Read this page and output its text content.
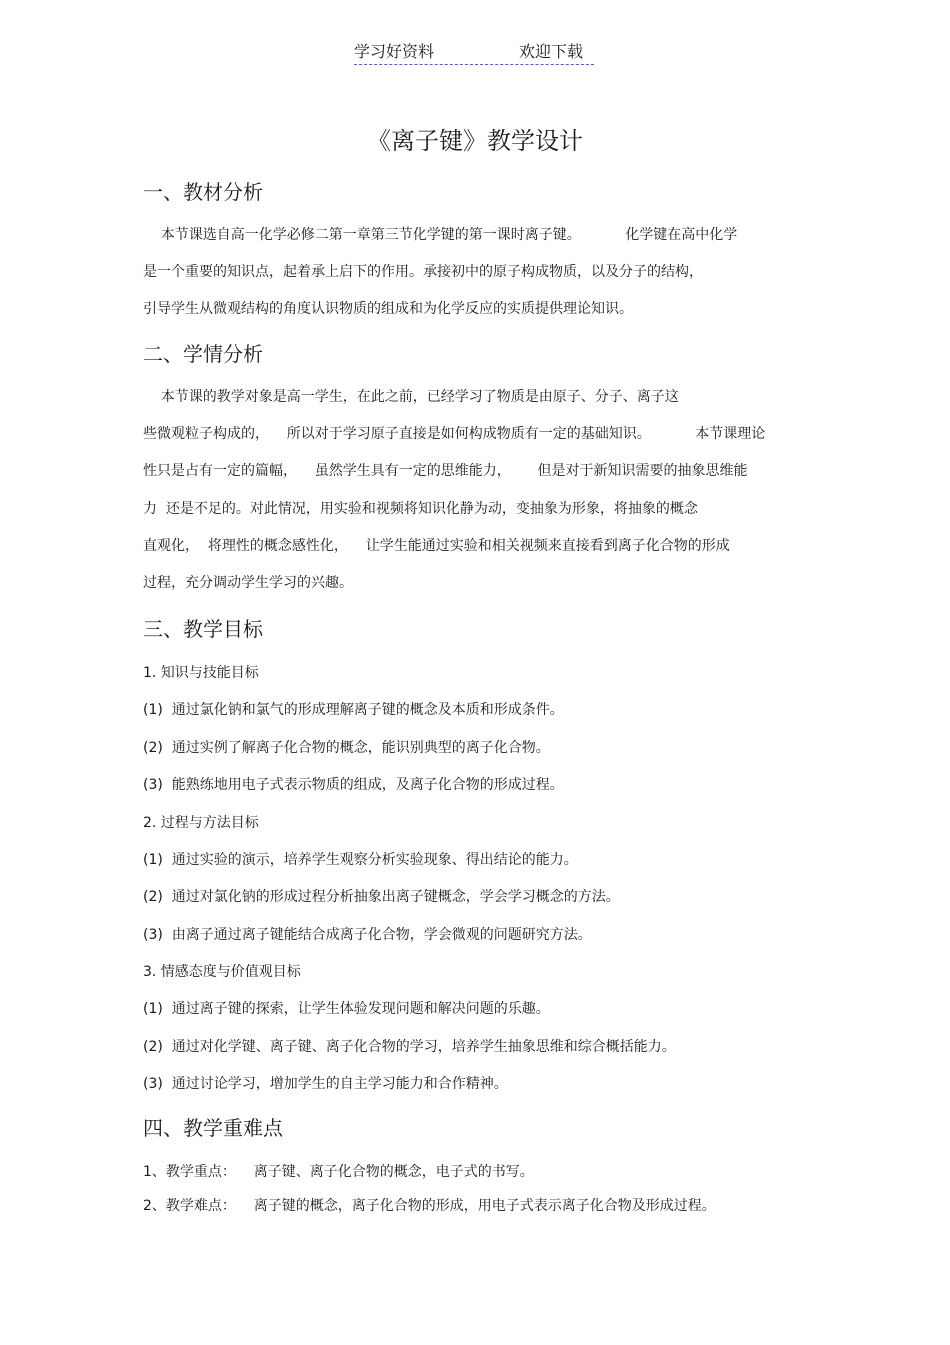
学习好资料	欢迎下载
《离子键》教学设计
一、教材分析
本节课选自高一化学必修二第一章第三节化学键的第一课时离子键。          化学键在高中化学
是一个重要的知识点，起着承上启下的作用。承接初中的原子构成物质，以及分子的结构，
引导学生从微观结构的角度认识物质的组成和为化学反应的实质提供理论知识。
二、学情分析
本节课的教学对象是高一学生，在此之前，已经学习了物质是由原子、分子、离子这
些微观粒子构成的，    所以对于学习原子直接是如何构成物质有一定的基础知识。          本节课理论
性只是占有一定的篇幅，    虽然学生具有一定的思维能力，      但是对于新知识需要的抽象思维能
力  还是不足的。对此情况，用实验和视频将知识化静为动，变抽象为形象，将抽象的概念
直观化，  将理性的概念感性化，    让学生能通过实验和相关视频来直接看到离子化合物的形成
过程，充分调动学生学习的兴趣。
三、教学目标
1. 知识与技能目标
(1)  通过氯化钠和氯气的形成理解离子键的概念及本质和形成条件。
(2)  通过实例了解离子化合物的概念，能识别典型的离子化合物。
(3)  能熟练地用电子式表示物质的组成，及离子化合物的形成过程。
2. 过程与方法目标
(1)  通过实验的演示，培养学生观察分析实验现象、得出结论的能力。
(2)  通过对氯化钠的形成过程分析抽象出离子键概念，学会学习概念的方法。
(3)  由离子通过离子键能结合成离子化合物，学会微观的问题研究方法。
3. 情感态度与价值观目标
(1)  通过离子键的探索，让学生体验发现问题和解决问题的乐趣。
(2)  通过对化学键、离子键、离子化合物的学习，培养学生抽象思维和综合概括能力。
(3)  通过讨论学习，增加学生的自主学习能力和合作精神。
四、教学重难点
1、教学重点：    离子键、离子化合物的概念，电子式的书写。
2、教学难点：    离子键的概念，离子化合物的形成，用电子式表示离子化合物及形成过程。
